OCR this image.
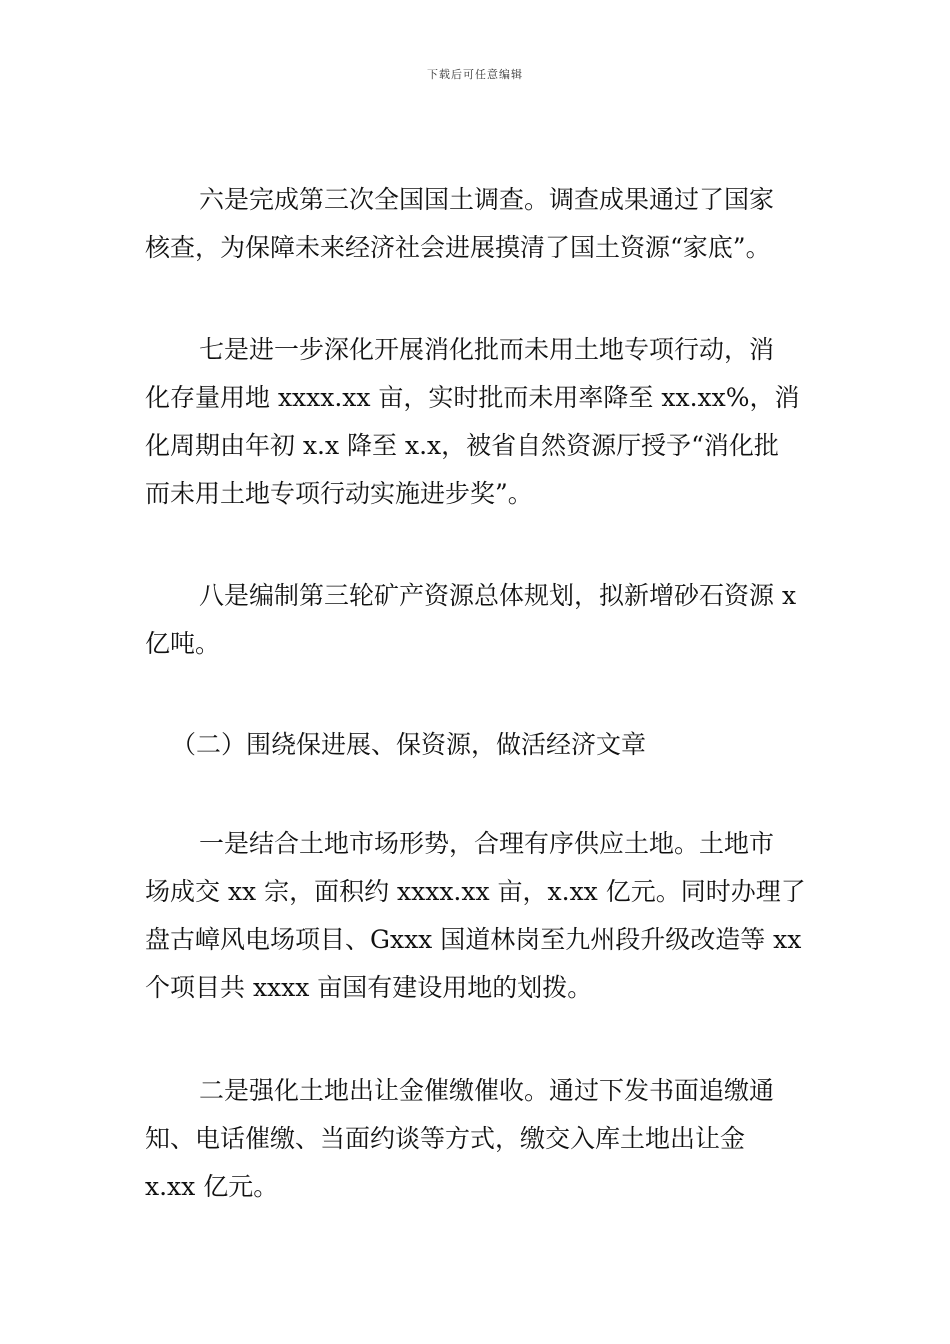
下载后可任意编辑
六是完成第三次全国国土调查。调查成果通过了国家
核查，为保障未来经济社会进展摸清了国土资源“家底”。
七是进一步深化开展消化批而未用土地专项行动，消
化存量用地 xxxx.xx 亩，实时批而未用率降至 xx.xx%，消
化周期由年初 x.x 降至 x.x，被省自然资源厅授予“消化批
而未用土地专项行动实施进步奖”。
八是编制第三轮矿产资源总体规划，拟新增砂石资源 x
亿吨。
（二）围绕保进展、保资源，做活经济文章
一是结合土地市场形势，合理有序供应土地。土地市
场成交 xx 宗，面积约 xxxx.xx 亩，x.xx 亿元。同时办理了
盘古嶂风电场项目、Gxxx 国道林岗至九州段升级改造等 xx
个项目共 xxxx 亩国有建设用地的划拨。
二是强化土地出让金催缴催收。通过下发书面追缴通
知、电话催缴、当面约谈等方式，缴交入库土地出让金
x.xx 亿元。
